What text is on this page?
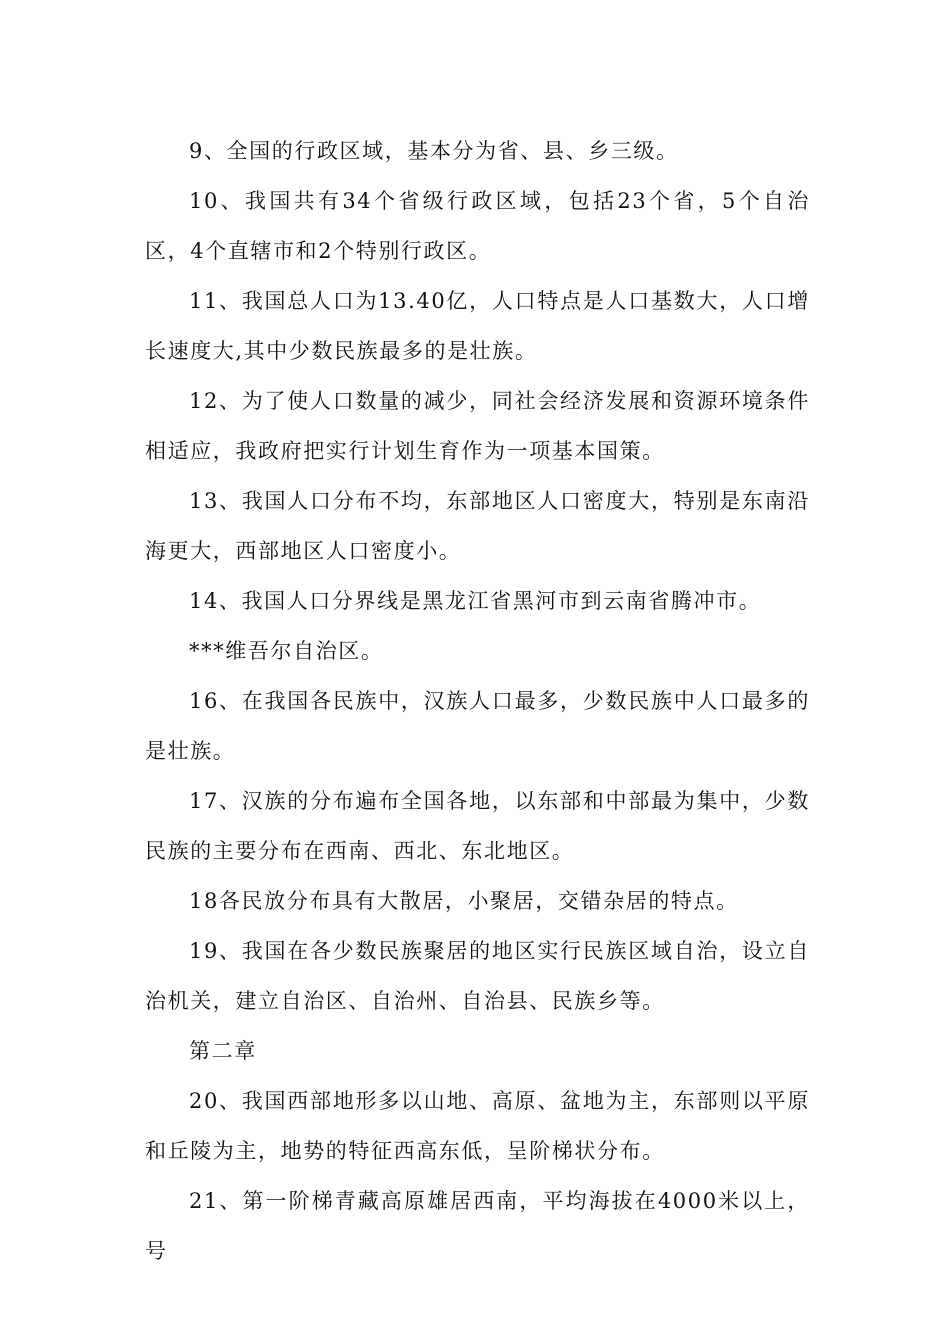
9、全国的行政区域，基本分为省、县、乡三级。

10、我国共有34个省级行政区域，包括23个省，5个自治区，4个直辖市和2个特别行政区。

11、我国总人口为13.40亿，人口特点是人口基数大，人口增长速度大,其中少数民族最多的是壮族。

12、为了使人口数量的减少，同社会经济发展和资源环境条件相适应，我政府把实行计划生育作为一项基本国策。

13、我国人口分布不均，东部地区人口密度大，特别是东南沿海更大，西部地区人口密度小。

14、我国人口分界线是黑龙江省黑河市到云南省腾冲市。

***维吾尔自治区。

16、在我国各民族中，汉族人口最多，少数民族中人口最多的是壮族。

17、汉族的分布遍布全国各地，以东部和中部最为集中，少数民族的主要分布在西南、西北、东北地区。

18各民放分布具有大散居，小聚居，交错杂居的特点。

19、我国在各少数民族聚居的地区实行民族区域自治，设立自治机关，建立自治区、自治州、自治县、民族乡等。

第二章

20、我国西部地形多以山地、高原、盆地为主，东部则以平原和丘陵为主，地势的特征西高东低，呈阶梯状分布。

21、第一阶梯青藏高原雄居西南，平均海拔在4000米以上，号
